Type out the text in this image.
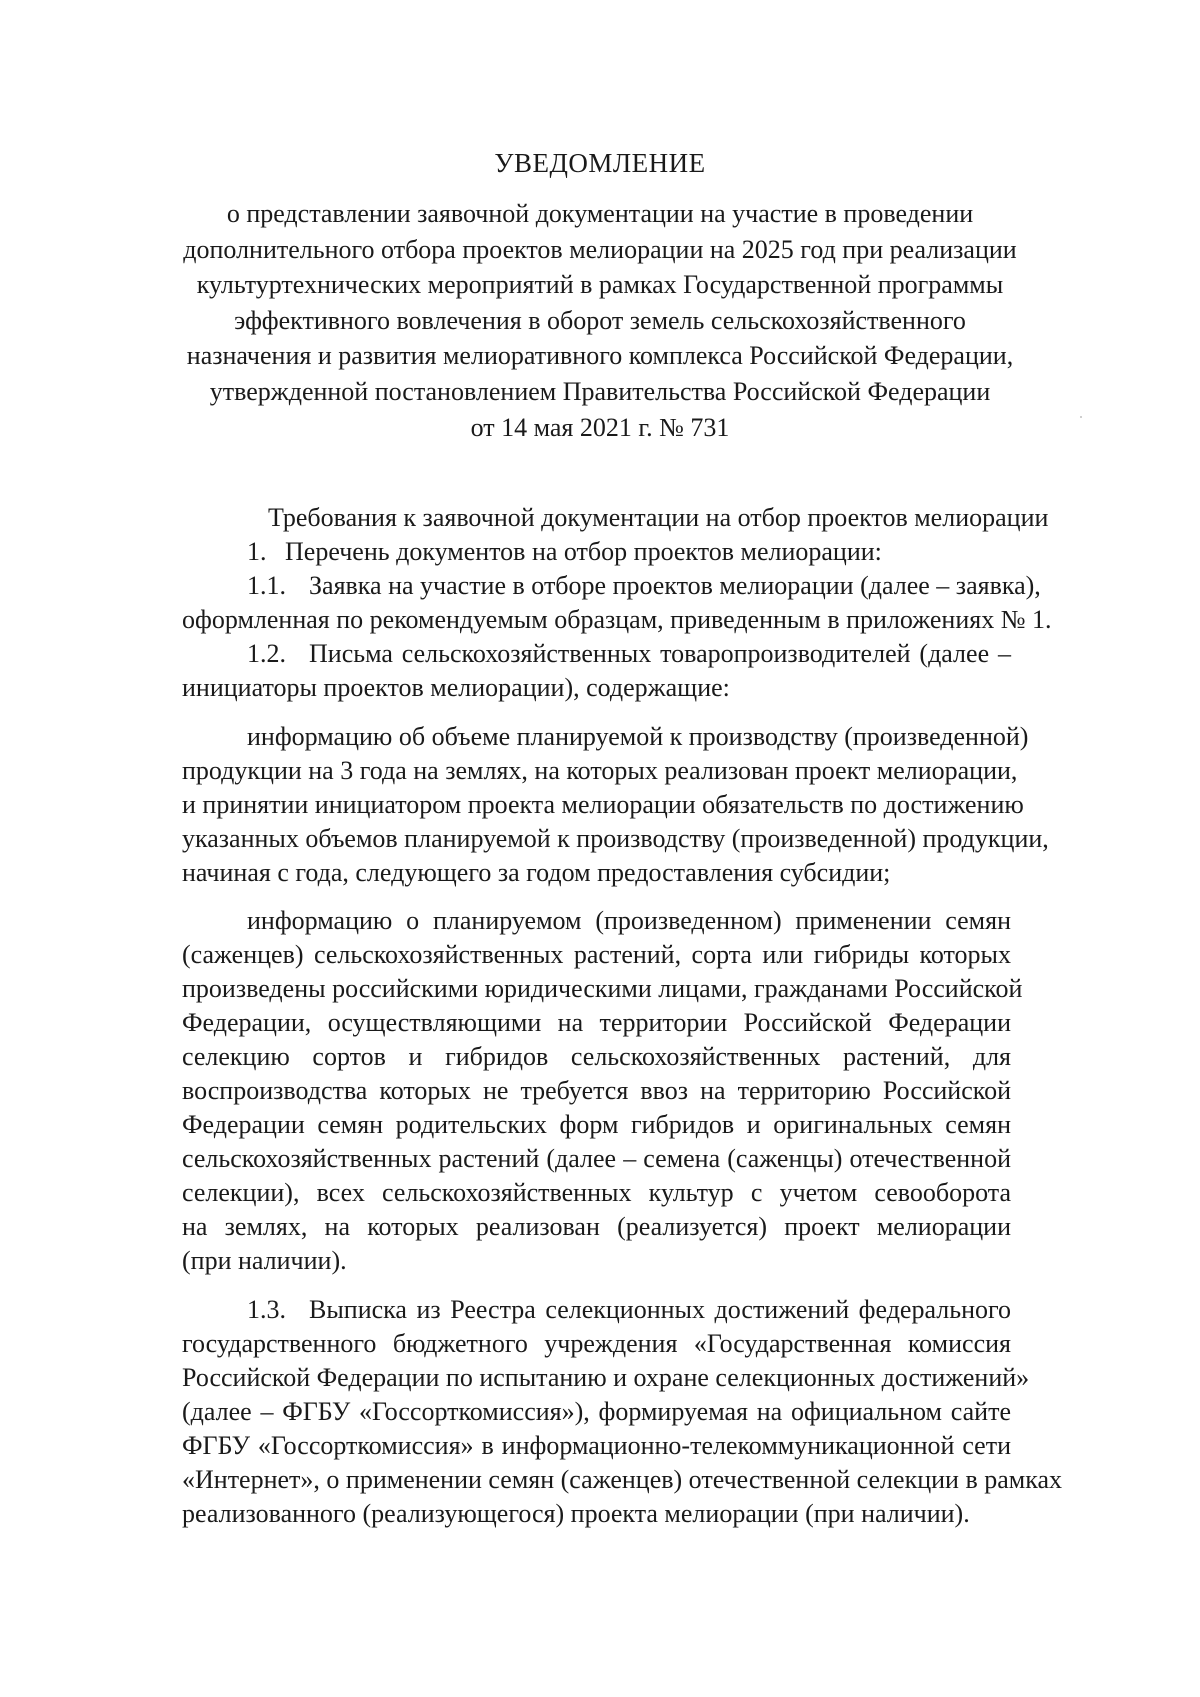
УВЕДОМЛЕНИЕ
о представлении заявочной документации на участие в проведении
дополнительного отбора проектов мелиорации на 2025 год при реализации
культуртехнических мероприятий в рамках Государственной программы
эффективного вовлечения в оборот земель сельскохозяйственного
назначения и развития мелиоративного комплекса Российской Федерации,
утвержденной постановлением Правительства Российской Федерации
от 14 мая 2021 г. № 731
Требования к заявочной документации на отбор проектов мелиорации
1. Перечень документов на отбор проектов мелиорации:
1.1. Заявка на участие в отборе проектов мелиорации (далее – заявка),
оформленная по рекомендуемым образцам, приведенным в приложениях № 1.
1.2. Письма сельскохозяйственных товаропроизводителей (далее –
инициаторы проектов мелиорации), содержащие:
информацию об объеме планируемой к производству (произведенной)
продукции на 3 года на землях, на которых реализован проект мелиорации,
и принятии инициатором проекта мелиорации обязательств по достижению
указанных объемов планируемой к производству (произведенной) продукции,
начиная с года, следующего за годом предоставления субсидии;
информацию о планируемом (произведенном) применении семян
(саженцев) сельскохозяйственных растений, сорта или гибриды которых
произведены российскими юридическими лицами, гражданами Российской
Федерации, осуществляющими на территории Российской Федерации
селекцию сортов и гибридов сельскохозяйственных растений, для
воспроизводства которых не требуется ввоз на территорию Российской
Федерации семян родительских форм гибридов и оригинальных семян
сельскохозяйственных растений (далее – семена (саженцы) отечественной
селекции), всех сельскохозяйственных культур с учетом севооборота
на землях, на которых реализован (реализуется) проект мелиорации
(при наличии).
1.3. Выписка из Реестра селекционных достижений федерального
государственного бюджетного учреждения «Государственная комиссия
Российской Федерации по испытанию и охране селекционных достижений»
(далее – ФГБУ «Госсорткомиссия»), формируемая на официальном сайте
ФГБУ «Госсорткомиссия» в информационно-телекоммуникационной сети
«Интернет», о применении семян (саженцев) отечественной селекции в рамках
реализованного (реализующегося) проекта мелиорации (при наличии).
